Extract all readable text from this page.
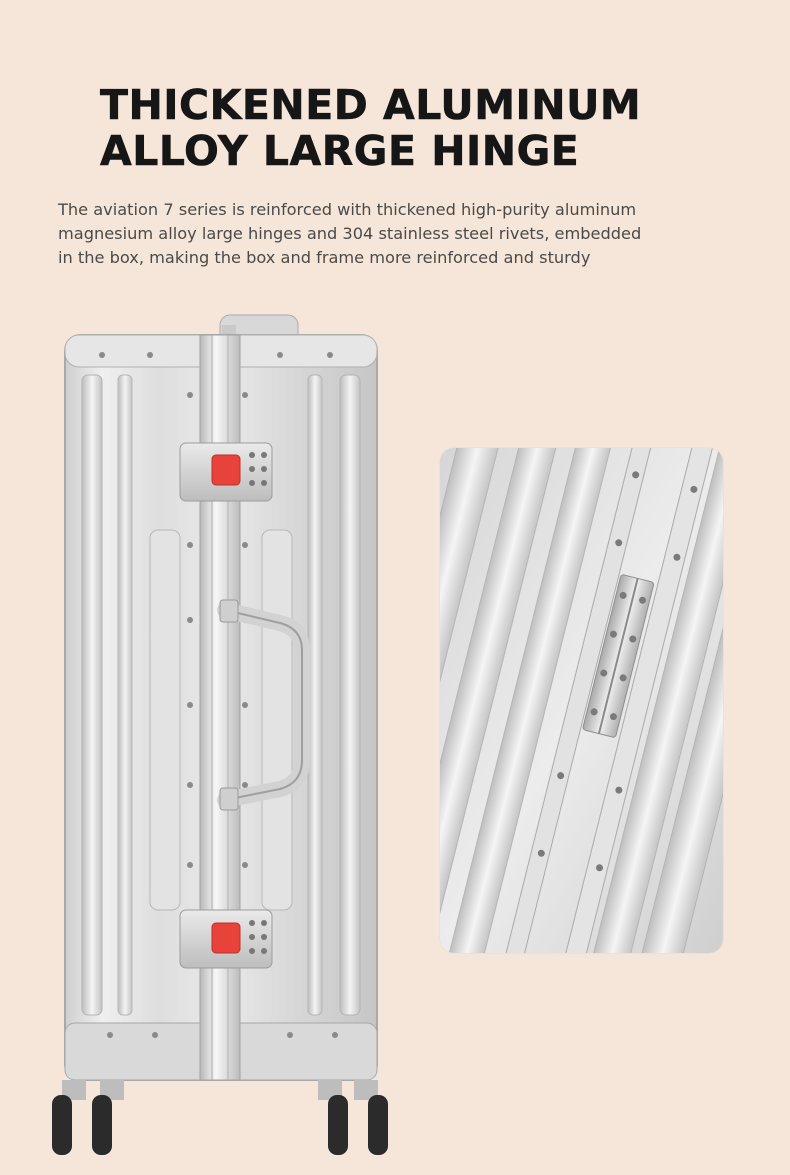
THICKENED ALUMINUM
ALLOY LARGE HINGE

The aviation 7 series is reinforced with thickened high-purity aluminum
magnesium alloy large hinges and 304 stainless steel rivets, embedded
in the box, making the box and frame more reinforced and sturdy
